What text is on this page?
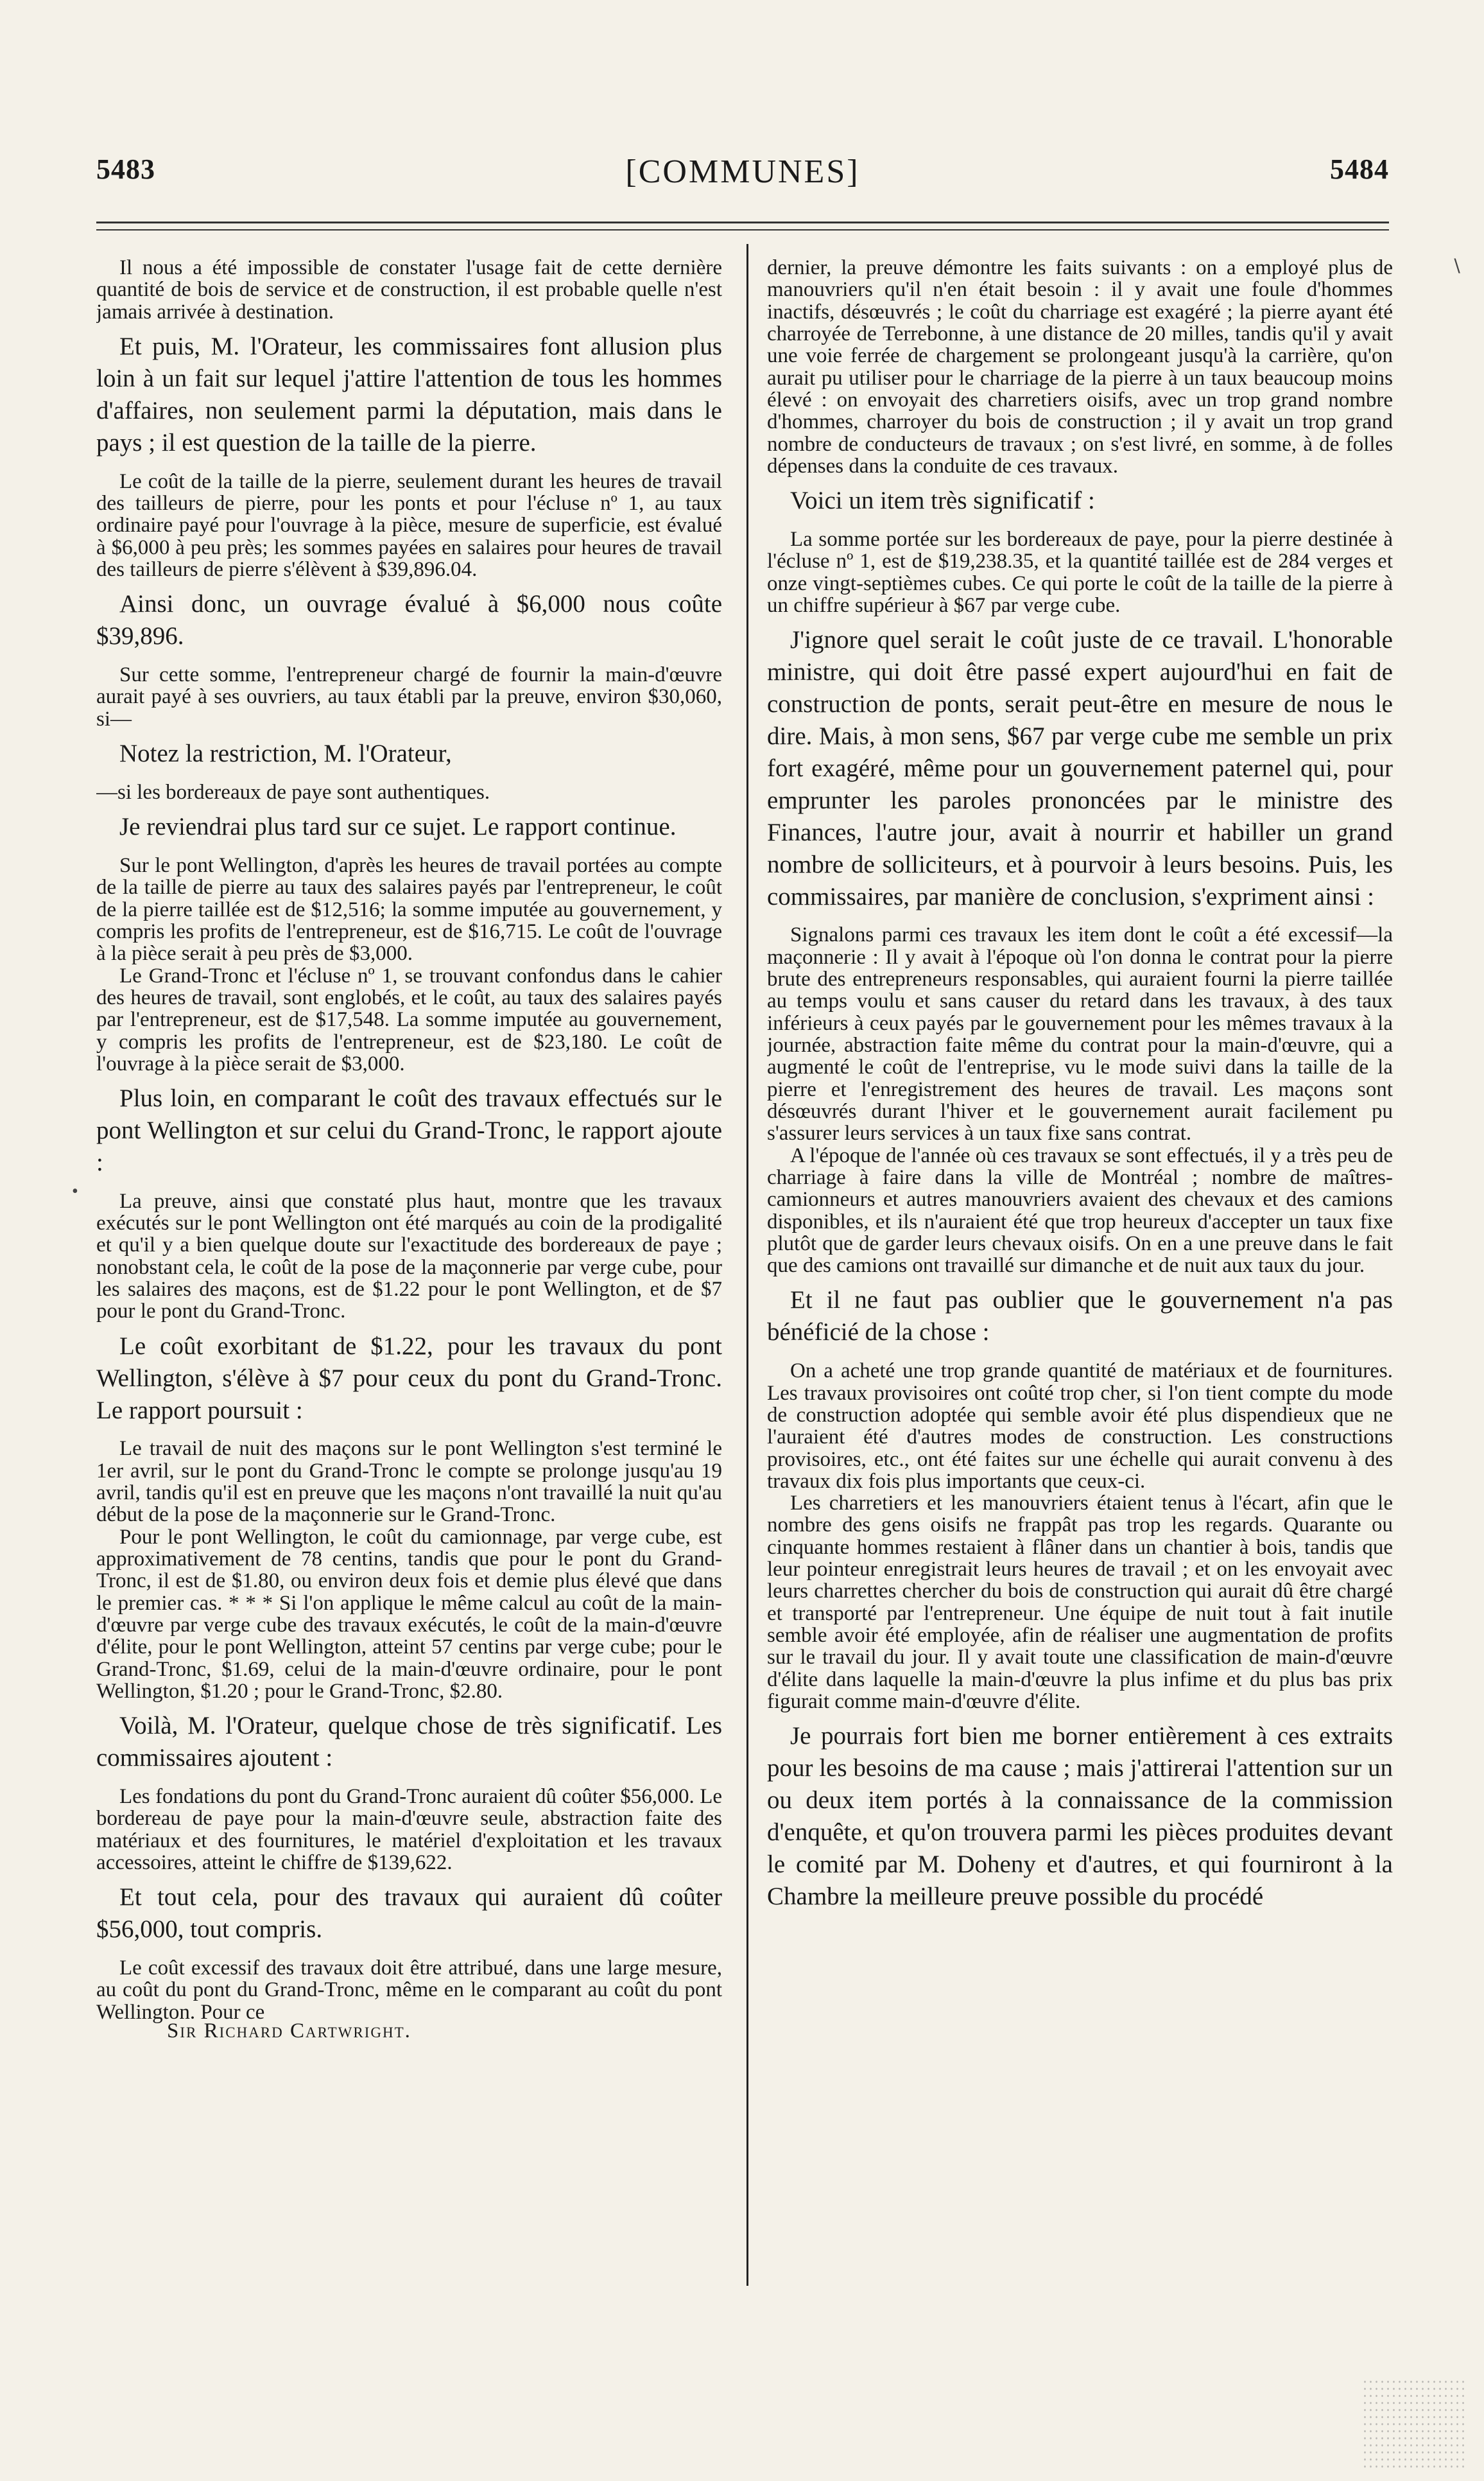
5483	[COMMUNES]	5484

Il nous a été impossible de constater l'usage fait de cette dernière quantité de bois de service et de construction, il est probable quelle n'est jamais arrivée à destination.

Et puis, M. l'Orateur, les commissaires font allusion plus loin à un fait sur lequel j'attire l'attention de tous les hommes d'affaires, non seulement parmi la députation, mais dans le pays ; il est question de la taille de la pierre.

Le coût de la taille de la pierre, seulement durant les heures de travail des tailleurs de pierre, pour les ponts et pour l'écluse nº 1, au taux ordinaire payé pour l'ouvrage à la pièce, mesure de superficie, est évalué à $6,000 à peu près; les sommes payées en salaires pour heures de travail des tailleurs de pierre s'élèvent à $39,896.04.

Ainsi donc, un ouvrage évalué à $6,000 nous coûte $39,896.

Sur cette somme, l'entrepreneur chargé de fournir la main-d'œuvre aurait payé à ses ouvriers, au taux établi par la preuve, environ $30,060, si—

Notez la restriction, M. l'Orateur,

—si les bordereaux de paye sont authentiques.

Je reviendrai plus tard sur ce sujet. Le rapport continue.

Sur le pont Wellington, d'après les heures de travail portées au compte de la taille de pierre au taux des salaires payés par l'entrepreneur, le coût de la pierre taillée est de $12,516; la somme imputée au gouvernement, y compris les profits de l'entrepreneur, est de $16,715. Le coût de l'ouvrage à la pièce serait à peu près de $3,000.

Le Grand-Tronc et l'écluse nº 1, se trouvant confondus dans le cahier des heures de travail, sont englobés, et le coût, au taux des salaires payés par l'entrepreneur, est de $17,548. La somme imputée au gouvernement, y compris les profits de l'entrepreneur, est de $23,180. Le coût de l'ouvrage à la pièce serait de $3,000.

Plus loin, en comparant le coût des travaux effectués sur le pont Wellington et sur celui du Grand-Tronc, le rapport ajoute :

La preuve, ainsi que constaté plus haut, montre que les travaux exécutés sur le pont Wellington ont été marqués au coin de la prodigalité et qu'il y a bien quelque doute sur l'exactitude des bordereaux de paye ; nonobstant cela, le coût de la pose de la maçonnerie par verge cube, pour les salaires des maçons, est de $1.22 pour le pont Wellington, et de $7 pour le pont du Grand-Tronc.

Le coût exorbitant de $1.22, pour les travaux du pont Wellington, s'élève à $7 pour ceux du pont du Grand-Tronc. Le rapport poursuit :

Le travail de nuit des maçons sur le pont Wellington s'est terminé le 1er avril, sur le pont du Grand-Tronc le compte se prolonge jusqu'au 19 avril, tandis qu'il est en preuve que les maçons n'ont travaillé la nuit qu'au début de la pose de la maçonnerie sur le Grand-Tronc.

Pour le pont Wellington, le coût du camionnage, par verge cube, est approximativement de 78 centins, tandis que pour le pont du Grand-Tronc, il est de $1.80, ou environ deux fois et demie plus élevé que dans le premier cas. * * * Si l'on applique le même calcul au coût de la main-d'œuvre par verge cube des travaux exécutés, le coût de la main-d'œuvre d'élite, pour le pont Wellington, atteint 57 centins par verge cube; pour le Grand-Tronc, $1.69, celui de la main-d'œuvre ordinaire, pour le pont Wellington, $1.20 ; pour le Grand-Tronc, $2.80.

Voilà, M. l'Orateur, quelque chose de très significatif. Les commissaires ajoutent :

Les fondations du pont du Grand-Tronc auraient dû coûter $56,000. Le bordereau de paye pour la main-d'œuvre seule, abstraction faite des matériaux et des fournitures, le matériel d'exploitation et les travaux accessoires, atteint le chiffre de $139,622.

Et tout cela, pour des travaux qui auraient dû coûter $56,000, tout compris.

Le coût excessif des travaux doit être attribué, dans une large mesure, au coût du pont du Grand-Tronc, même en le comparant au coût du pont Wellington. Pour ce

Sir Richard Cartwright.

dernier, la preuve démontre les faits suivants : on a employé plus de manouvriers qu'il n'en était besoin : il y avait une foule d'hommes inactifs, désœuvrés ; le coût du charriage est exagéré ; la pierre ayant été charroyée de Terrebonne, à une distance de 20 milles, tandis qu'il y avait une voie ferrée de chargement se prolongeant jusqu'à la carrière, qu'on aurait pu utiliser pour le charriage de la pierre à un taux beaucoup moins élevé : on envoyait des charretiers oisifs, avec un trop grand nombre d'hommes, charroyer du bois de construction ; il y avait un trop grand nombre de conducteurs de travaux ; on s'est livré, en somme, à de folles dépenses dans la conduite de ces travaux.

Voici un item très significatif :

La somme portée sur les bordereaux de paye, pour la pierre destinée à l'écluse nº 1, est de $19,238.35, et la quantité taillée est de 284 verges et onze vingt-septièmes cubes. Ce qui porte le coût de la taille de la pierre à un chiffre supérieur à $67 par verge cube.

J'ignore quel serait le coût juste de ce travail. L'honorable ministre, qui doit être passé expert aujourd'hui en fait de construction de ponts, serait peut-être en mesure de nous le dire. Mais, à mon sens, $67 par verge cube me semble un prix fort exagéré, même pour un gouvernement paternel qui, pour emprunter les paroles prononcées par le ministre des Finances, l'autre jour, avait à nourrir et habiller un grand nombre de solliciteurs, et à pourvoir à leurs besoins. Puis, les commissaires, par manière de conclusion, s'expriment ainsi :

Signalons parmi ces travaux les item dont le coût a été excessif—la maçonnerie : Il y avait à l'époque où l'on donna le contrat pour la pierre brute des entrepreneurs responsables, qui auraient fourni la pierre taillée au temps voulu et sans causer du retard dans les travaux, à des taux inférieurs à ceux payés par le gouvernement pour les mêmes travaux à la journée, abstraction faite même du contrat pour la main-d'œuvre, qui a augmenté le coût de l'entreprise, vu le mode suivi dans la taille de la pierre et l'enregistrement des heures de travail. Les maçons sont désœuvrés durant l'hiver et le gouvernement aurait facilement pu s'assurer leurs services à un taux fixe sans contrat.

A l'époque de l'année où ces travaux se sont effectués, il y a très peu de charriage à faire dans la ville de Montréal ; nombre de maîtres-camionneurs et autres manouvriers avaient des chevaux et des camions disponibles, et ils n'auraient été que trop heureux d'accepter un taux fixe plutôt que de garder leurs chevaux oisifs. On en a une preuve dans le fait que des camions ont travaillé sur dimanche et de nuit aux taux du jour.

Et il ne faut pas oublier que le gouvernement n'a pas bénéficié de la chose :

On a acheté une trop grande quantité de matériaux et de fournitures. Les travaux provisoires ont coûté trop cher, si l'on tient compte du mode de construction adoptée qui semble avoir été plus dispendieux que ne l'auraient été d'autres modes de construction. Les constructions provisoires, etc., ont été faites sur une échelle qui aurait convenu à des travaux dix fois plus importants que ceux-ci.

Les charretiers et les manouvriers étaient tenus à l'écart, afin que le nombre des gens oisifs ne frappât pas trop les regards. Quarante ou cinquante hommes restaient à flâner dans un chantier à bois, tandis que leur pointeur enregistrait leurs heures de travail ; et on les envoyait avec leurs charrettes chercher du bois de construction qui aurait dû être chargé et transporté par l'entrepreneur. Une équipe de nuit tout à fait inutile semble avoir été employée, afin de réaliser une augmentation de profits sur le travail du jour. Il y avait toute une classification de main-d'œuvre d'élite dans laquelle la main-d'œuvre la plus infime et du plus bas prix figurait comme main-d'œuvre d'élite.

Je pourrais fort bien me borner entièrement à ces extraits pour les besoins de ma cause ; mais j'attirerai l'attention sur un ou deux item portés à la connaissance de la commission d'enquête, et qu'on trouvera parmi les pièces produites devant le comité par M. Doheny et d'autres, et qui fourniront à la Chambre la meilleure preuve possible du procédé

∖
•
